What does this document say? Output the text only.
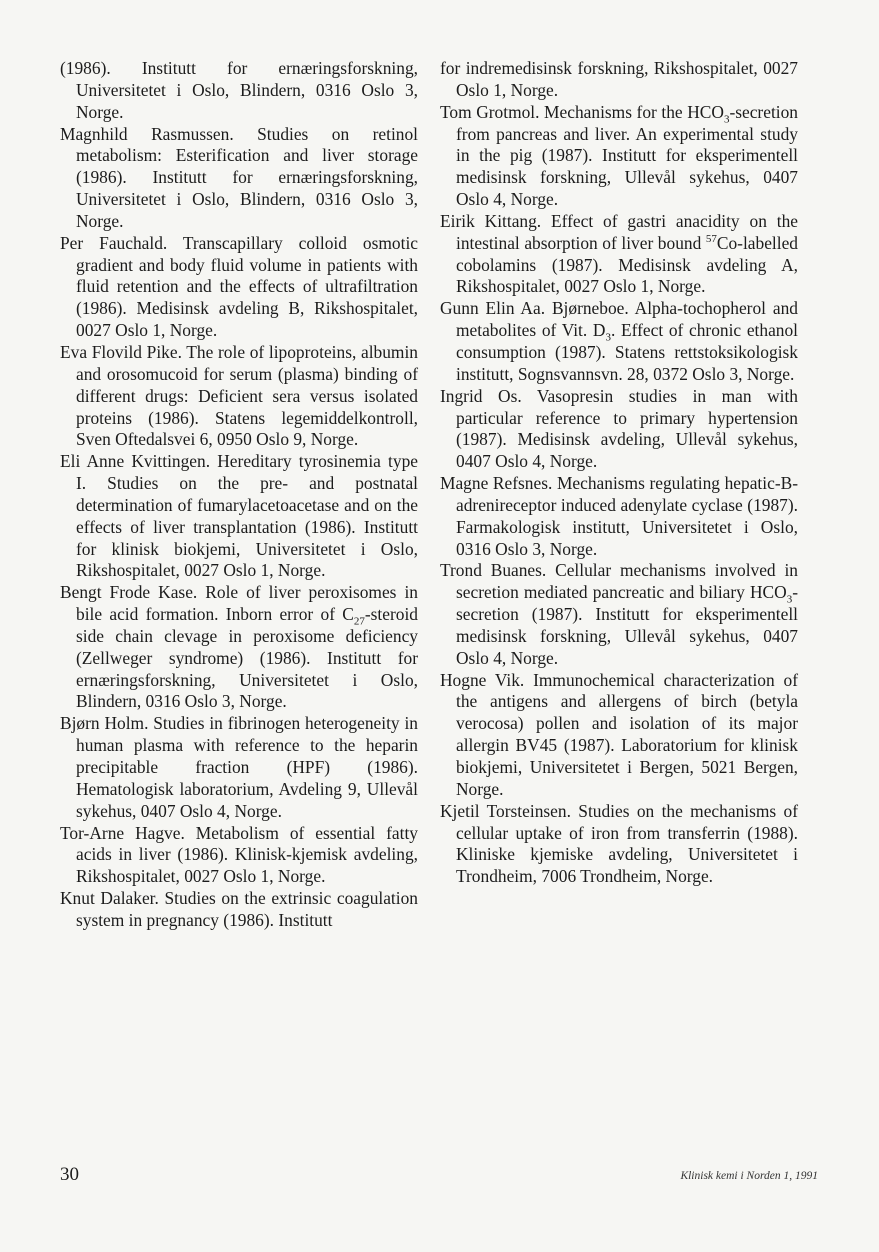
(1986). Institutt for ernæringsforskning, Universitetet i Oslo, Blindern, 0316 Oslo 3, Norge.

Magnhild Rasmussen. Studies on retinol metabolism: Esterification and liver storage (1986). Institutt for ernæringsforskning, Universitetet i Oslo, Blindern, 0316 Oslo 3, Norge.

Per Fauchald. Transcapillary colloid osmotic gradient and body fluid volume in patients with fluid retention and the effects of ultrafiltration (1986). Medisinsk avdeling B, Rikshospitalet, 0027 Oslo 1, Norge.

Eva Flovild Pike. The role of lipoproteins, albumin and orosomucoid for serum (plasma) binding of different drugs: Deficient sera versus isolated proteins (1986). Statens legemiddelkontroll, Sven Oftedalsvei 6, 0950 Oslo 9, Norge.

Eli Anne Kvittingen. Hereditary tyrosinemia type I. Studies on the pre- and postnatal determination of fumarylacetoacetase and on the effects of liver transplantation (1986). Institutt for klinisk biokjemi, Universitetet i Oslo, Rikshospitalet, 0027 Oslo 1, Norge.

Bengt Frode Kase. Role of liver peroxisomes in bile acid formation. Inborn error of $C_{27}$-steroid side chain clevage in peroxisome deficiency (Zellweger syndrome) (1986). Institutt for ernæringsforskning, Universitetet i Oslo, Blindern, 0316 Oslo 3, Norge.

Bjørn Holm. Studies in fibrinogen heterogeneity in human plasma with reference to the heparin precipitable fraction (HPF) (1986). Hematologisk laboratorium, Avdeling 9, Ullevål sykehus, 0407 Oslo 4, Norge.

Tor-Arne Hagve. Metabolism of essential fatty acids in liver (1986). Klinisk-kjemisk avdeling, Rikshospitalet, 0027 Oslo 1, Norge.

Knut Dalaker. Studies on the extrinsic coagulation system in pregnancy (1986). Institutt

for indremedisinsk forskning, Rikshospitalet, 0027 Oslo 1, Norge.

Tom Grotmol. Mechanisms for the $HCO_3$-secretion from pancreas and liver. An experimental study in the pig (1987). Institutt for eksperimentell medisinsk forskning, Ullevål sykehus, 0407 Oslo 4, Norge.

Eirik Kittang. Effect of gastri anacidity on the intestinal absorption of liver bound $^{57}$Co-labelled cobolamins (1987). Medisinsk avdeling A, Rikshospitalet, 0027 Oslo 1, Norge.

Gunn Elin Aa. Bjørneboe. Alpha-tochopherol and metabolites of Vit. $D_3$. Effect of chronic ethanol consumption (1987). Statens rettstoksikologisk institutt, Sognsvannsvn. 28, 0372 Oslo 3, Norge.

Ingrid Os. Vasopresin studies in man with particular reference to primary hypertension (1987). Medisinsk avdeling, Ullevål sykehus, 0407 Oslo 4, Norge.

Magne Refsnes. Mechanisms regulating hepatic-B-adrenireceptor induced adenylate cyclase (1987). Farmakologisk institutt, Universitetet i Oslo, 0316 Oslo 3, Norge.

Trond Buanes. Cellular mechanisms involved in secretion mediated pancreatic and biliary $HCO_3$-secretion (1987). Institutt for eksperimentell medisinsk forskning, Ullevål sykehus, 0407 Oslo 4, Norge.

Hogne Vik. Immunochemical characterization of the antigens and allergens of birch (betyla verocosa) pollen and isolation of its major allergin BV45 (1987). Laboratorium for klinisk biokjemi, Universitetet i Bergen, 5021 Bergen, Norge.

Kjetil Torsteinsen. Studies on the mechanisms of cellular uptake of iron from transferrin (1988). Kliniske kjemiske avdeling, Universitetet i Trondheim, 7006 Trondheim, Norge.

30	Klinisk kemi i Norden 1, 1991
